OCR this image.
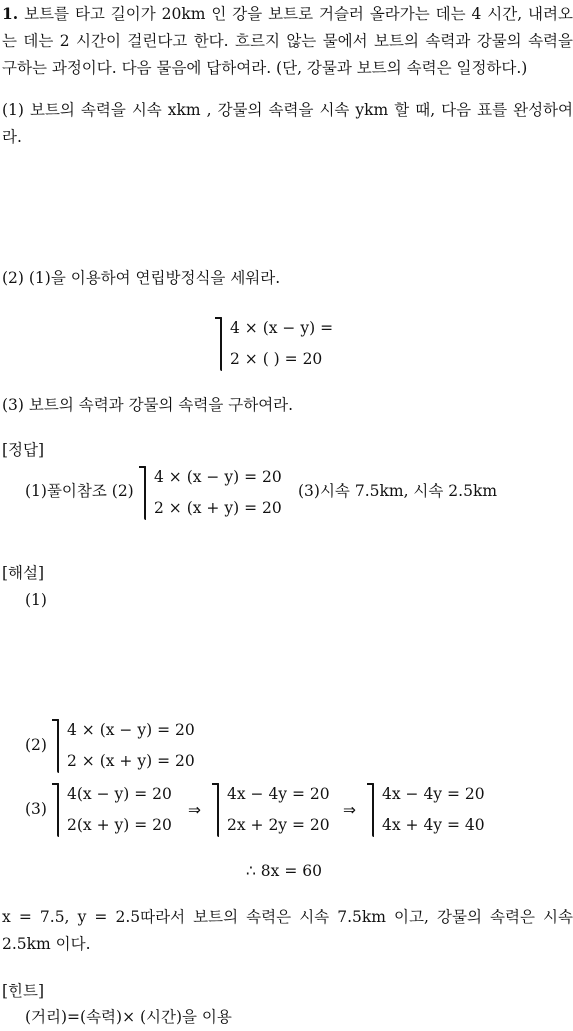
1. 보트를 타고 길이가 20km 인 강을 보트로 거슬러 올라가는 데는 4 시간, 내려오는 데는 2 시간이 걸린다고 한다. 흐르지 않는 물에서 보트의 속력과 강물의 속력을 구하는 과정이다. 다음 물음에 답하여라. (단, 강물과 보트의 속력은 일정하다.)
(1) 보트의 속력을 시속 xkm , 강물의 속력을 시속 ykm 할 때, 다음 표를 완성하여라.
(2) (1)을 이용하여 연립방정식을 세워라.
4 × (x − y) =
2 × ( ) = 20
(3) 보트의 속력과 강물의 속력을 구하여라.
[정답]
(1)풀이참조 (2)
4 × (x − y) = 20
2 × (x + y) = 20
(3)시속 7.5km, 시속 2.5km
[해설]
(1)
(2)
4 × (x − y) = 20
2 × (x + y) = 20
(3)
4(x − y) = 20
2(x + y) = 20
⇒
4x − 4y = 20
2x + 2y = 20
⇒
4x − 4y = 20
4x + 4y = 40
∴ 8x = 60
x = 7.5, y = 2.5따라서 보트의 속력은 시속 7.5km 이고, 강물의 속력은 시속 2.5km 이다.
[힌트]
(거리)=(속력)× (시간)을 이용
